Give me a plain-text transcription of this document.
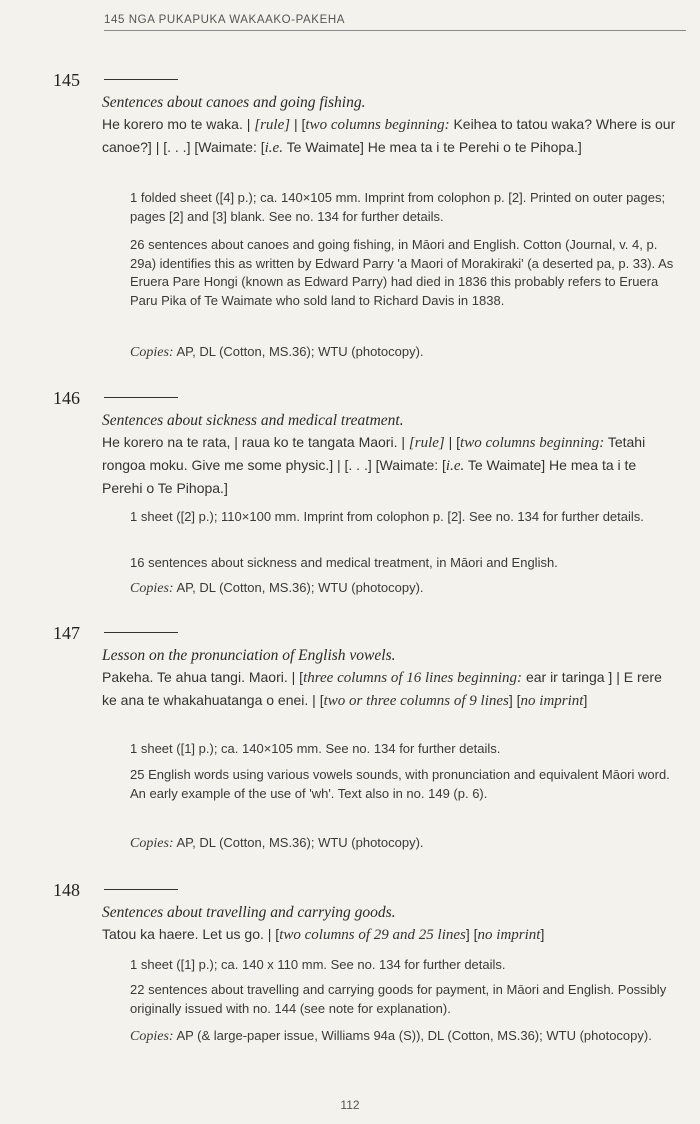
145 NGA PUKAPUKA WAKAAKO-PAKEHA
145
Sentences about canoes and going fishing.
He korero mo te waka. | [rule] | [two columns beginning: Keihea to tatou waka? Where is our canoe?] | [. . .] [Waimate: [i.e. Te Waimate] He mea ta i te Perehi o te Pihopa.]
1 folded sheet ([4] p.); ca. 140×105 mm. Imprint from colophon p. [2]. Printed on outer pages; pages [2] and [3] blank. See no. 134 for further details.
26 sentences about canoes and going fishing, in Māori and English. Cotton (Journal, v. 4, p. 29a) identifies this as written by Edward Parry 'a Maori of Morakiraki' (a deserted pa, p. 33). As Eruera Pare Hongi (known as Edward Parry) had died in 1836 this probably refers to Eruera Paru Pika of Te Waimate who sold land to Richard Davis in 1838.
Copies: AP, DL (Cotton, MS.36); WTU (photocopy).
146
Sentences about sickness and medical treatment.
He korero na te rata, | raua ko te tangata Maori. | [rule] | [two columns beginning: Tetahi rongoa moku. Give me some physic.] | [. . .] [Waimate: [i.e. Te Waimate] He mea ta i te Perehi o Te Pihopa.]
1 sheet ([2] p.); 110×100 mm. Imprint from colophon p. [2]. See no. 134 for further details.
16 sentences about sickness and medical treatment, in Māori and English.
Copies: AP, DL (Cotton, MS.36); WTU (photocopy).
147
Lesson on the pronunciation of English vowels.
Pakeha. Te ahua tangi. Maori. | [three columns of 16 lines beginning: ear ir taringa ] | E rere ke ana te whakahuatanga o enei. | [two or three columns of 9 lines] [no imprint]
1 sheet ([1] p.); ca. 140×105 mm. See no. 134 for further details.
25 English words using various vowels sounds, with pronunciation and equivalent Māori word. An early example of the use of 'wh'. Text also in no. 149 (p. 6).
Copies: AP, DL (Cotton, MS.36); WTU (photocopy).
148
Sentences about travelling and carrying goods.
Tatou ka haere. Let us go. | [two columns of 29 and 25 lines] [no imprint]
1 sheet ([1] p.); ca. 140 x 110 mm. See no. 134 for further details.
22 sentences about travelling and carrying goods for payment, in Māori and English. Possibly originally issued with no. 144 (see note for explanation).
Copies: AP (& large-paper issue, Williams 94a (S)), DL (Cotton, MS.36); WTU (photocopy).
112
